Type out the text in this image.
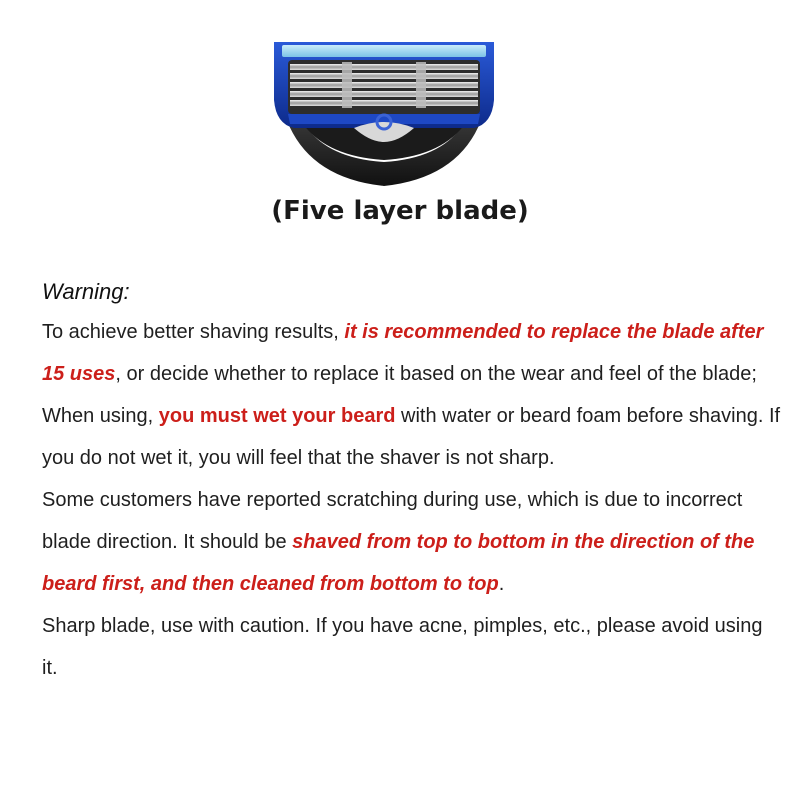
(Five layer blade)
Warning:

To achieve better shaving results, it is recommended to replace the blade after 15 uses, or decide whether to replace it based on the wear and feel of the blade;

When using, you must wet your beard with water or beard foam before shaving. If you do not wet it, you will feel that the shaver is not sharp.

Some customers have reported scratching during use, which is due to incorrect blade direction. It should be shaved from top to bottom in the direction of the beard first, and then cleaned from bottom to top.

Sharp blade, use with caution. If you have acne, pimples, etc., please avoid using it.
